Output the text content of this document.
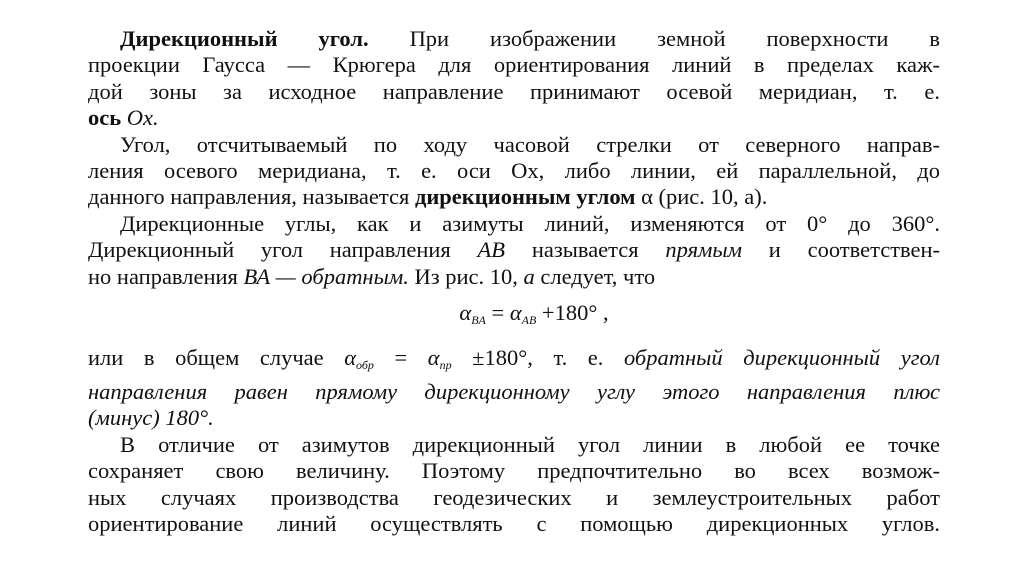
Дирекционный угол. При изображении земной поверхности в
проекции Гаусса — Крюгера для ориентирования линий в пределах каж-
дой зоны за исходное направление принимают осевой меридиан, т. е.
ось Ox.
Угол, отсчитываемый по ходу часовой стрелки от северного направ-
ления осевого меридиана, т. е. оси Ох, либо линии, ей параллельной, до
данного направления, называется дирекционным углом α (рис. 10, а).
Дирекционные углы, как и азимуты линий, изменяются от 0° до 360°.
Дирекционный угол направления АВ называется прямым и соответствен-
но направления ВА — обратным. Из рис. 10, а следует, что
$\alpha_{BA} = \alpha_{AB} +180^\circ$ ,
или в общем случае $\alpha_{обр} = \alpha_{пр} \pm 180^\circ$, т. е. обратный дирекционный угол
направления равен прямому дирекционному углу этого направления плюс
(минус) 180°.
В отличие от азимутов дирекционный угол линии в любой ее точке
сохраняет свою величину. Поэтому предпочтительно во всех возмож-
ных случаях производства геодезических и землеустроительных работ
ориентирование линий осуществлять с помощью дирекционных углов.
